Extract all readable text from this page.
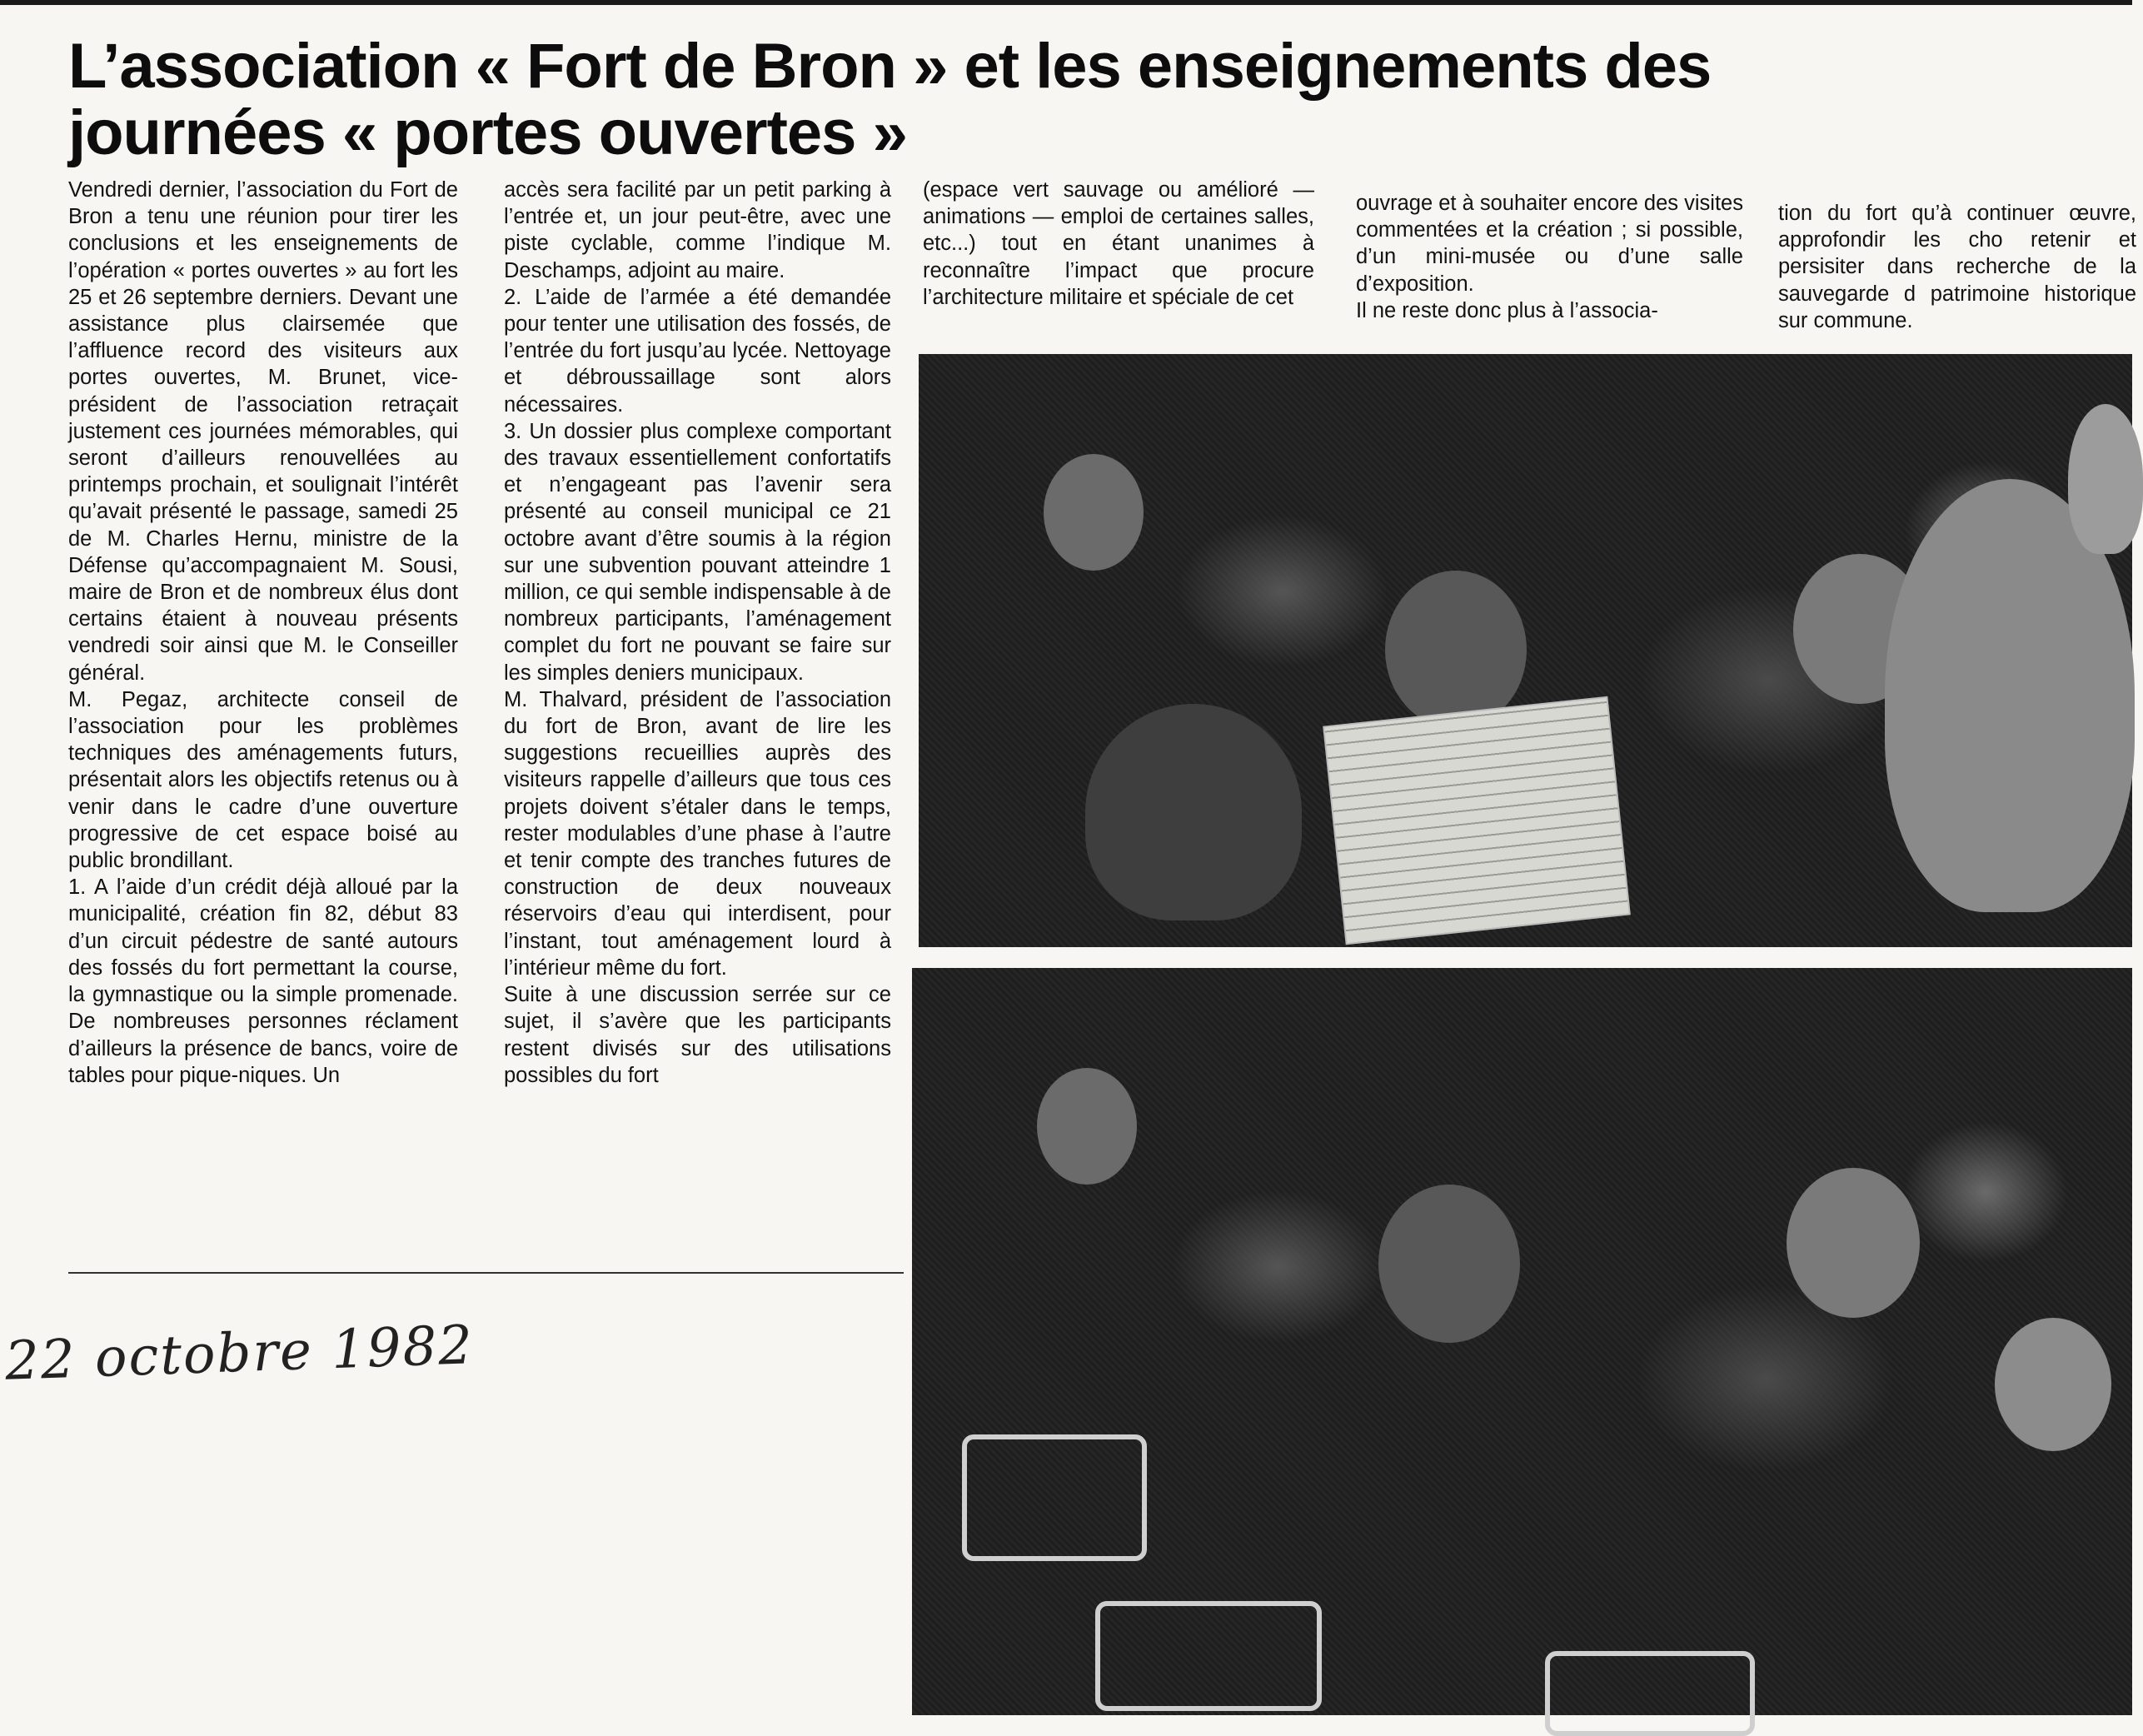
L’association « Fort de Bron » et les enseignements des journées « portes ouvertes »
Vendredi dernier, l’association du Fort de Bron a tenu une réunion pour tirer les conclusions et les enseignements de l’opération « portes ouvertes » au fort les 25 et 26 septembre derniers. Devant une assistance plus clairsemée que l’affluence record des visiteurs aux portes ouvertes, M. Brunet, vice-président de l’association retraçait justement ces journées mémorables, qui seront d’ailleurs renouvellées au printemps prochain, et soulignait l’intérêt qu’avait présenté le passage, samedi 25 de M. Charles Hernu, ministre de la Défense qu’accompagnaient M. Sousi, maire de Bron et de nombreux élus dont certains étaient à nouveau présents vendredi soir ainsi que M. le Conseiller général.
M. Pegaz, architecte conseil de l’association pour les problèmes techniques des aménagements futurs, présentait alors les objectifs retenus ou à venir dans le cadre d’une ouverture progressive de cet espace boisé au public brondillant.
1. A l’aide d’un crédit déjà alloué par la municipalité, création fin 82, début 83 d’un circuit pédestre de santé autours des fossés du fort permettant la course, la gymnastique ou la simple promenade. De nombreuses personnes réclament d’ailleurs la présence de bancs, voire de tables pour pique-niques. Un
accès sera facilité par un petit parking à l’entrée et, un jour peut-être, avec une piste cyclable, comme l’indique M. Deschamps, adjoint au maire.
2. L’aide de l’armée a été demandée pour tenter une utilisation des fossés, de l’entrée du fort jusqu’au lycée. Nettoyage et débroussaillage sont alors nécessaires.
3. Un dossier plus complexe comportant des travaux essentiellement confortatifs et n’engageant pas l’avenir sera présenté au conseil municipal ce 21 octobre avant d’être soumis à la région sur une subvention pouvant atteindre 1 million, ce qui semble indispensable à de nombreux participants, l’aménagement complet du fort ne pouvant se faire sur les simples deniers municipaux.
M. Thalvard, président de l’association du fort de Bron, avant de lire les suggestions recueillies auprès des visiteurs rappelle d’ailleurs que tous ces projets doivent s’étaler dans le temps, rester modulables d’une phase à l’autre et tenir compte des tranches futures de construction de deux nouveaux réservoirs d’eau qui interdisent, pour l’instant, tout aménagement lourd à l’intérieur même du fort.
Suite à une discussion serrée sur ce sujet, il s’avère que les participants restent divisés sur des utilisations possibles du fort
(espace vert sauvage ou amélioré — animations — emploi de certaines salles, etc...) tout en étant unanimes à reconnaître l’impact que procure l’architecture militaire et spéciale de cet
ouvrage et à souhaiter encore des visites commentées et la création ; si possible, d’un mini-musée ou d’une salle d’exposition.
Il ne reste donc plus à l’associa-
tion du fort qu’à continuer œuvre, approfondir les cho retenir et persisiter dans recherche de la sauvegarde d patrimoine historique sur commune.
22 octobre 1982
